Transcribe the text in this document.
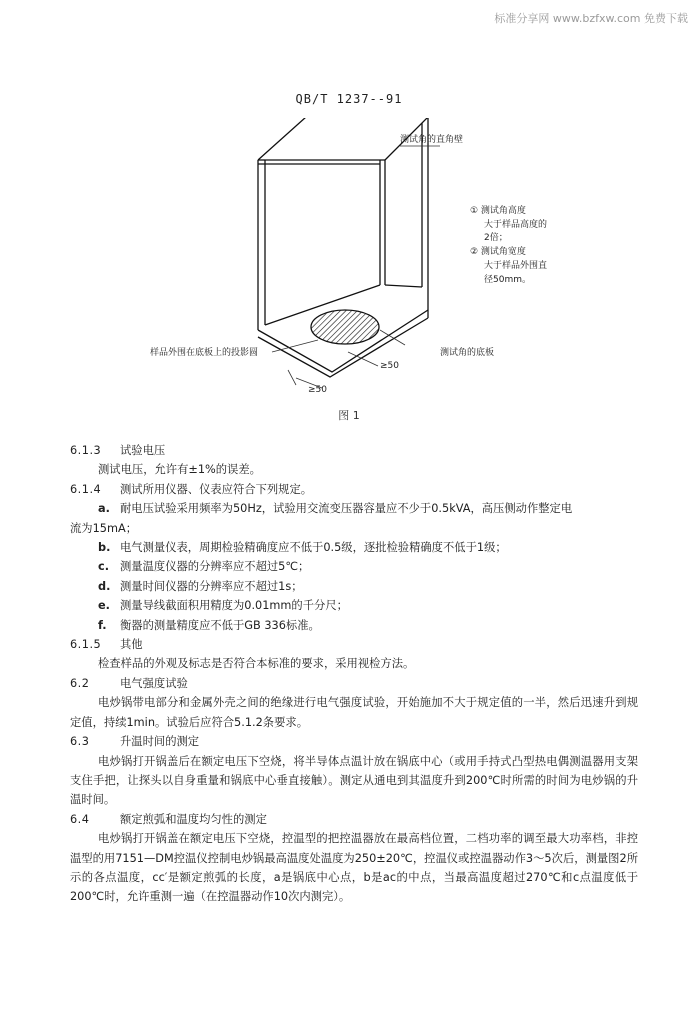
标准分享网 www.bzfxw.com 免费下载
QB/T 1237--91
测试角的直角壁
① 测试角高度
大于样品高度的
2倍；
② 测试角宽度
大于样品外围直
径50mm。
样品外围在底板上的投影圆	测试角的底板
≥50
≥50
图 1
6.1.3	试验电压
测试电压，允许有±1%的误差。
6.1.4	测试所用仪器、仪表应符合下列规定。
a. 耐电压试验采用频率为50Hz，试验用交流变压器容量应不少于0.5kVA，高压侧动作整定电
流为15mA；
b. 电气测量仪表，周期检验精确度应不低于0.5级，逐批检验精确度不低于1级；
c. 测量温度仪器的分辨率应不超过5℃；
d. 测量时间仪器的分辨率应不超过1s；
e. 测量导线截面积用精度为0.01mm的千分尺；
f.	衡器的测量精度应不低于GB 336标准。
6.1.5	其他
检查样品的外观及标志是否符合本标准的要求，采用视检方法。
6.2	电气强度试验
电炒锅带电部分和金属外壳之间的绝缘进行电气强度试验，开始施加不大于规定值的一半，然后迅速升到规定值，持续1min。试验后应符合5.1.2条要求。
6.3	升温时间的测定
电炒锅打开锅盖后在额定电压下空烧，将半导体点温计放在锅底中心（或用手持式凸型热电偶测温器用支架支住手把，让探头以自身重量和锅底中心垂直接触）。测定从通电到其温度升到200℃时所需的时间为电炒锅的升温时间。
6.4	额定煎弧和温度均匀性的测定
电炒锅打开锅盖在额定电压下空烧，控温型的把控温器放在最高档位置，二档功率的调至最大功率档，非控温型的用7151—DM控温仪控制电炒锅最高温度处温度为250±20℃，控温仪或控温器动作3～5次后，测量图2所示的各点温度，cc′是额定煎弧的长度，a是锅底中心点，b是ac的中点，当最高温度超过270℃和c点温度低于200℃时，允许重测一遍（在控温器动作10次内测完）。
